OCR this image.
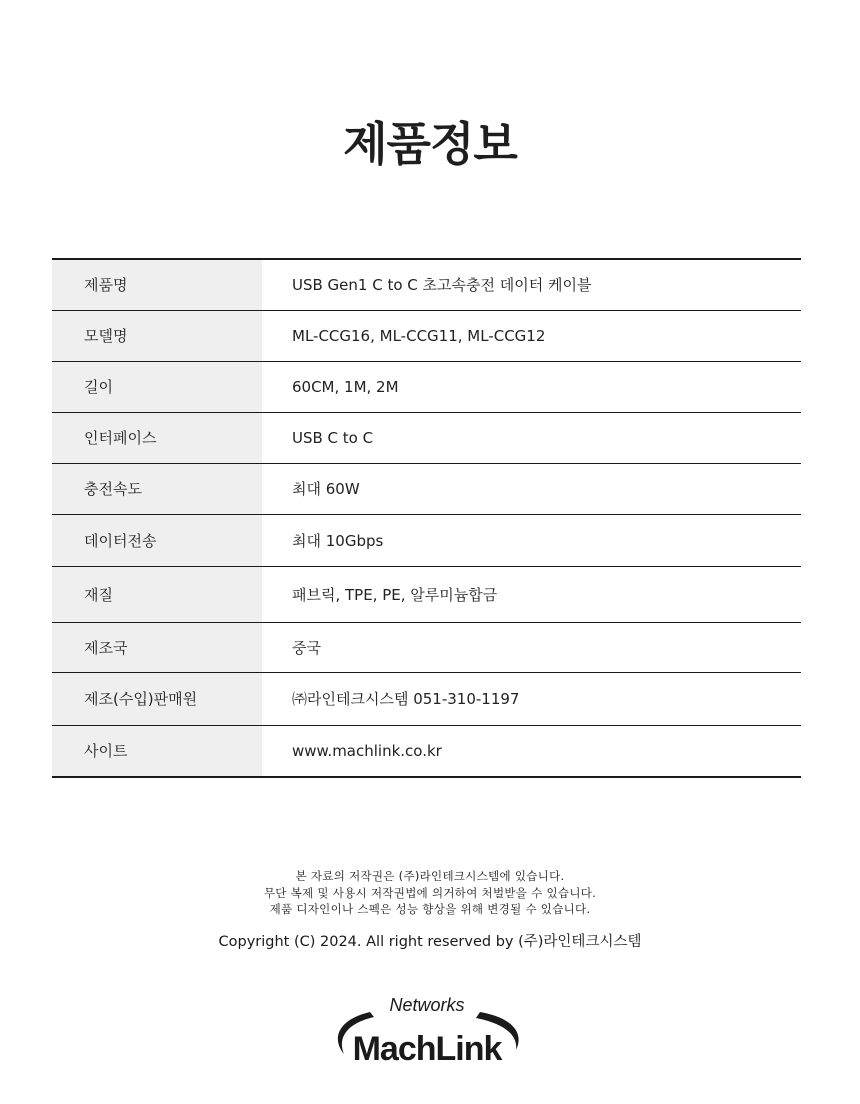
제품정보
제품명	USB Gen1 C to C 초고속충전 데이터 케이블
모델명	ML-CCG16, ML-CCG11, ML-CCG12
길이	60CM, 1M, 2M
인터페이스	USB C to C
충전속도	최대 60W
데이터전송	최대 10Gbps
재질	패브릭, TPE, PE, 알루미늄합금
제조국	중국
제조(수입)판매원	㈜라인테크시스템 051-310-1197
사이트	www.machlink.co.kr
본 자료의 저작권은 (주)라인테크시스템에 있습니다.
무단 복제 및 사용시 저작권법에 의거하여 처벌받을 수 있습니다.
제품 디자인이나 스펙은 성능 향상을 위해 변경될 수 있습니다.
Copyright (C) 2024. All right reserved by (주)라인테크시스템
Networks
MachLink
